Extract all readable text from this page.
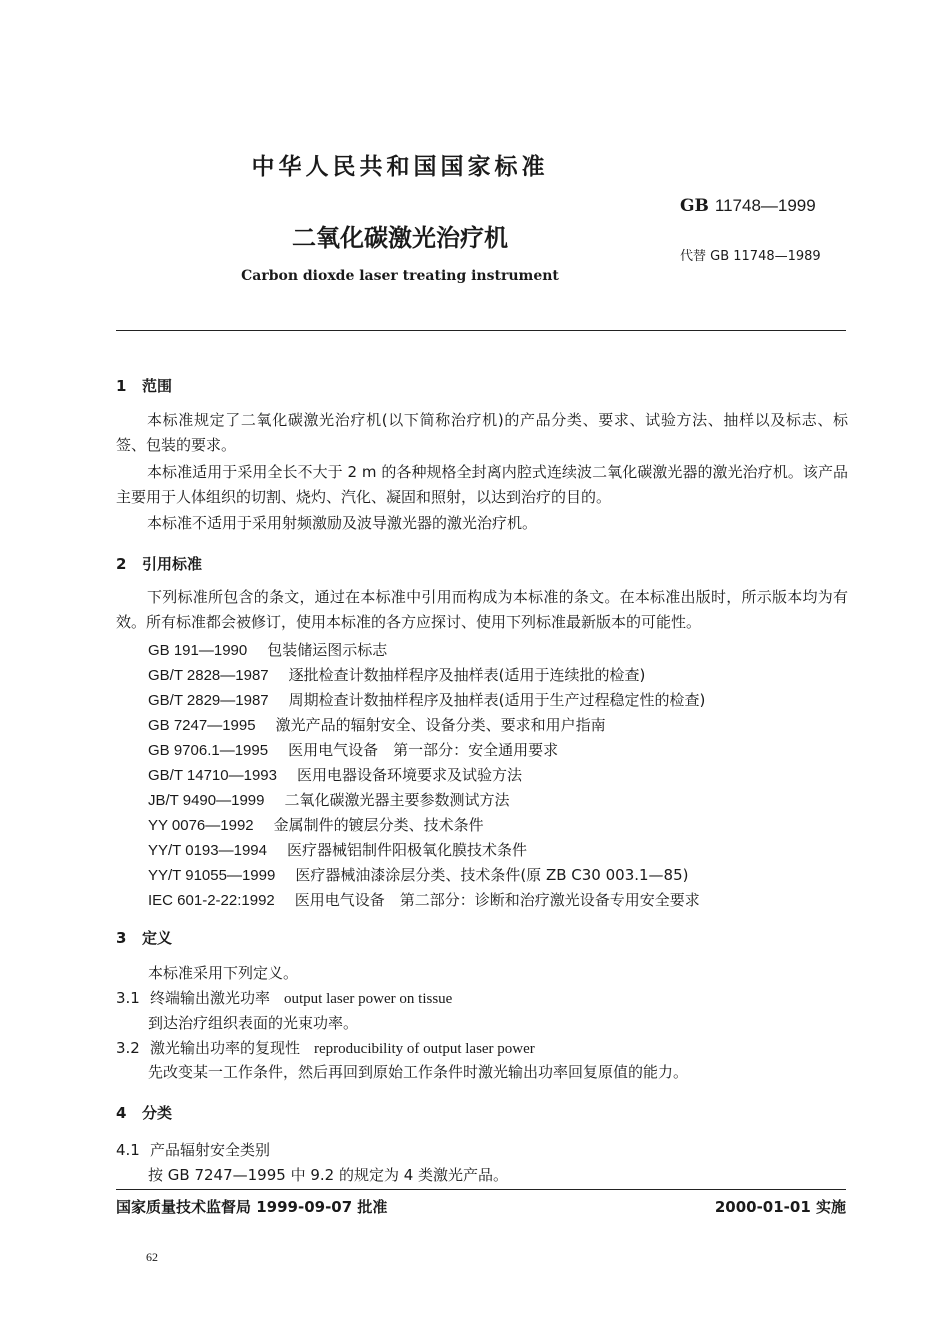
中华人民共和国国家标准
GB 11748—1999
二氧化碳激光治疗机
代替 GB 11748—1989
Carbon dioxde laser treating instrument
1 范围
本标准规定了二氧化碳激光治疗机(以下简称治疗机)的产品分类、要求、试验方法、抽样以及标志、标签、包装的要求。
本标准适用于采用全长不大于 2 m 的各种规格全封离内腔式连续波二氧化碳激光器的激光治疗机。该产品主要用于人体组织的切割、烧灼、汽化、凝固和照射，以达到治疗的目的。
本标准不适用于采用射频激励及波导激光器的激光治疗机。
2 引用标准
下列标准所包含的条文，通过在本标准中引用而构成为本标准的条文。在本标准出版时，所示版本均为有效。所有标准都会被修订，使用本标准的各方应探讨、使用下列标准最新版本的可能性。
GB 191—1990 包装储运图示标志
GB/T 2828—1987 逐批检查计数抽样程序及抽样表(适用于连续批的检查)
GB/T 2829—1987 周期检查计数抽样程序及抽样表(适用于生产过程稳定性的检查)
GB 7247—1995 激光产品的辐射安全、设备分类、要求和用户指南
GB 9706.1—1995 医用电气设备　第一部分：安全通用要求
GB/T 14710—1993 医用电器设备环境要求及试验方法
JB/T 9490—1999 二氧化碳激光器主要参数测试方法
YY 0076—1992 金属制件的镀层分类、技术条件
YY/T 0193—1994 医疗器械铝制件阳极氧化膜技术条件
YY/T 91055—1999 医疗器械油漆涂层分类、技术条件(原 ZB C30 003.1—85)
IEC 601-2-22:1992 医用电气设备　第二部分：诊断和治疗激光设备专用安全要求
3 定义
本标准采用下列定义。
3.1 终端输出激光功率 output laser power on tissue
到达治疗组织表面的光束功率。
3.2 激光输出功率的复现性 reproducibility of output laser power
先改变某一工作条件，然后再回到原始工作条件时激光输出功率回复原值的能力。
4 分类
4.1 产品辐射安全类别
按 GB 7247—1995 中 9.2 的规定为 4 类激光产品。
国家质量技术监督局 1999-09-07 批准	2000-01-01 实施
62
